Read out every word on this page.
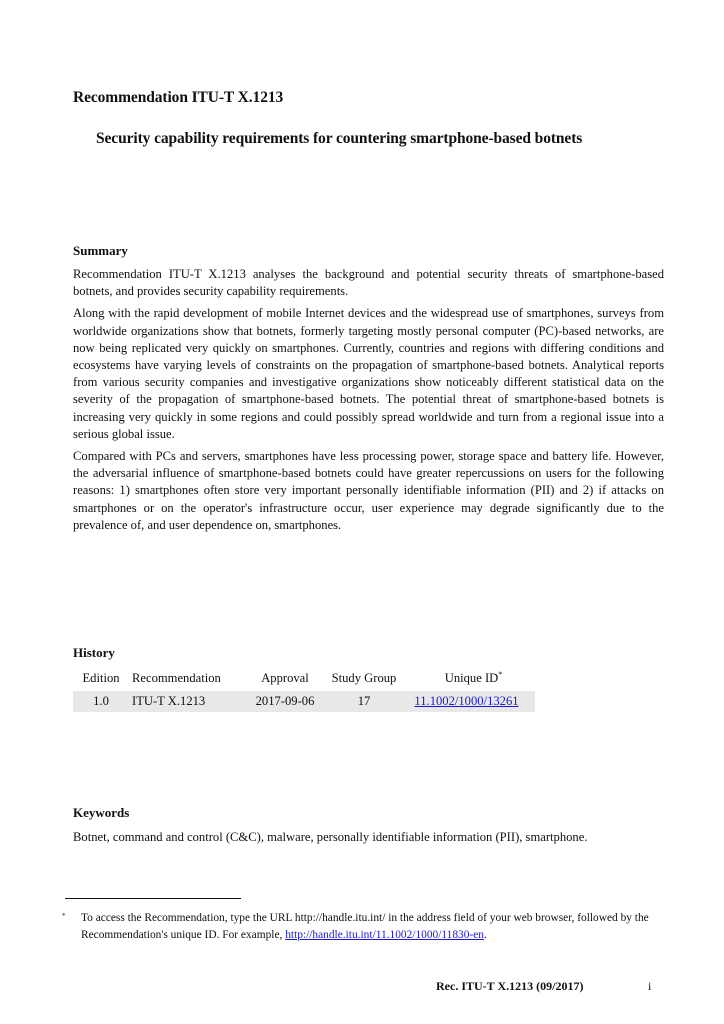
Recommendation ITU-T X.1213
Security capability requirements for countering smartphone-based botnets
Summary

Recommendation ITU-T X.1213 analyses the background and potential security threats of smartphone-based botnets, and provides security capability requirements.

Along with the rapid development of mobile Internet devices and the widespread use of smartphones, surveys from worldwide organizations show that botnets, formerly targeting mostly personal computer (PC)-based networks, are now being replicated very quickly on smartphones. Currently, countries and regions with differing conditions and ecosystems have varying levels of constraints on the propagation of smartphone-based botnets. Analytical reports from various security companies and investigative organizations show noticeably different statistical data on the severity of the propagation of smartphone-based botnets. The potential threat of smartphone-based botnets is increasing very quickly in some regions and could possibly spread worldwide and turn from a regional issue into a serious global issue.

Compared with PCs and servers, smartphones have less processing power, storage space and battery life. However, the adversarial influence of smartphone-based botnets could have greater repercussions on users for the following reasons: 1) smartphones often store very important personally identifiable information (PII) and 2) if attacks on smartphones or on the operator's infrastructure occur, user experience may degrade significantly due to the prevalence of, and user dependence on, smartphones.

History
Edition	Recommendation	Approval	Study Group	Unique ID*
1.0	ITU-T X.1213	2017-09-06	17	11.1002/1000/13261
Keywords

Botnet, command and control (C&C), malware, personally identifiable information (PII), smartphone.

* To access the Recommendation, type the URL http://handle.itu.int/ in the address field of your web browser, followed by the Recommendation's unique ID. For example, http://handle.itu.int/11.1002/1000/11830-en.

Rec. ITU-T X.1213 (09/2017)	i
